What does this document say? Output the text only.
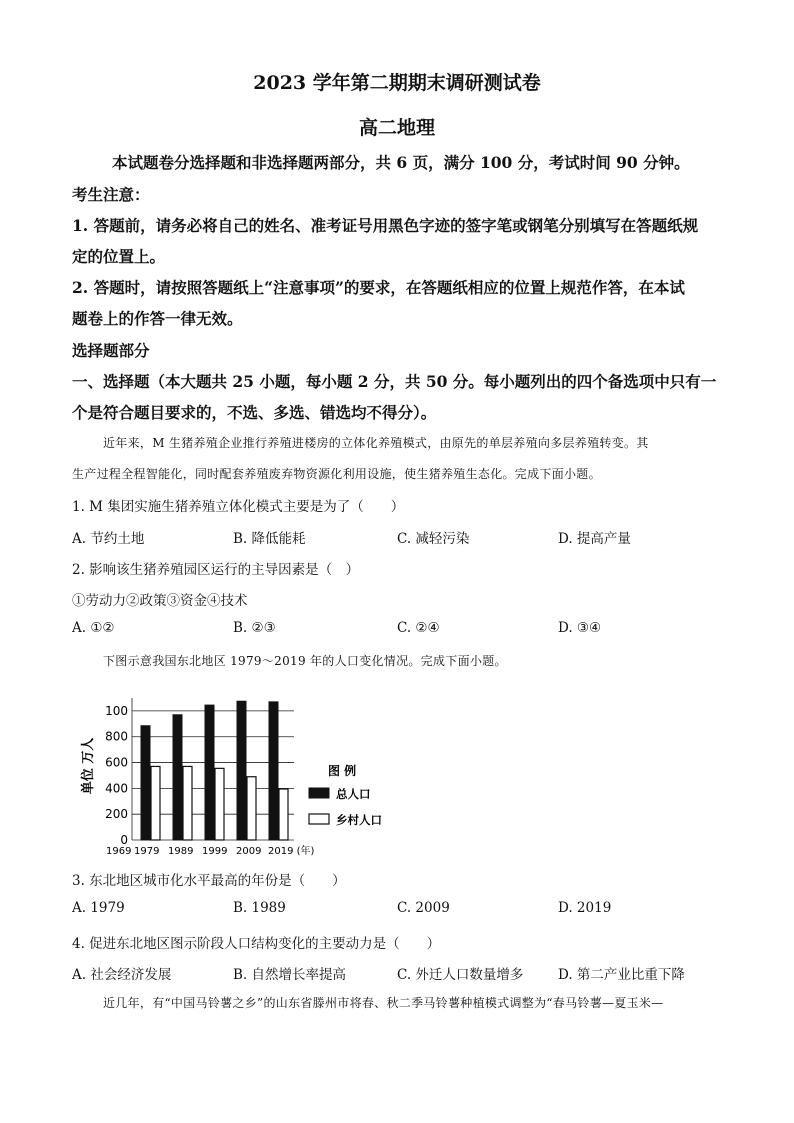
2023 学年第二期期末调研测试卷
高二地理
本试题卷分选择题和非选择题两部分，共 6 页，满分 100 分，考试时间 90 分钟。
考生注意：
1. 答题前，请务必将自己的姓名、准考证号用黑色字迹的签字笔或钢笔分别填写在答题纸规
定的位置上。
2. 答题时，请按照答题纸上“注意事项”的要求，在答题纸相应的位置上规范作答，在本试
题卷上的作答一律无效。
选择题部分
一、选择题（本大题共 25 小题，每小题 2 分，共 50 分。每小题列出的四个备选项中只有一
个是符合题目要求的，不选、多选、错选均不得分）。
近年来，M 生猪养殖企业推行养殖进楼房的立体化养殖模式，由原先的单层养殖向多层养殖转变。其
生产过程全程智能化，同时配套养殖废弃物资源化利用设施，使生猪养殖生态化。完成下面小题。
1. M 集团实施生猪养殖立体化模式主要是为了（　　）
A. 节约土地	B. 降低能耗	C. 减轻污染	D. 提高产量
2. 影响该生猪养殖园区运行的主导因素是（　）
①劳动力②政策③资金④技术
A. ①②	B. ②③	C. ②④	D. ③④
下图示意我国东北地区 1979～2019 年的人口变化情况。完成下面小题。
0
200
400
600
800
100
1969 1979 1989 1999 2009 2019 (年)
单位 万人	图 例
总人口
乡村人口
3. 东北地区城市化水平最高的年份是（　　）
A. 1979	B. 1989	C. 2009	D. 2019
4. 促进东北地区图示阶段人口结构变化的主要动力是（　　）
A. 社会经济发展	B. 自然增长率提高	C. 外迁人口数量增多	D. 第二产业比重下降
近几年，有“中国马铃薯之乡”的山东省滕州市将春、秋二季马铃薯种植模式调整为“春马铃薯—夏玉米—
